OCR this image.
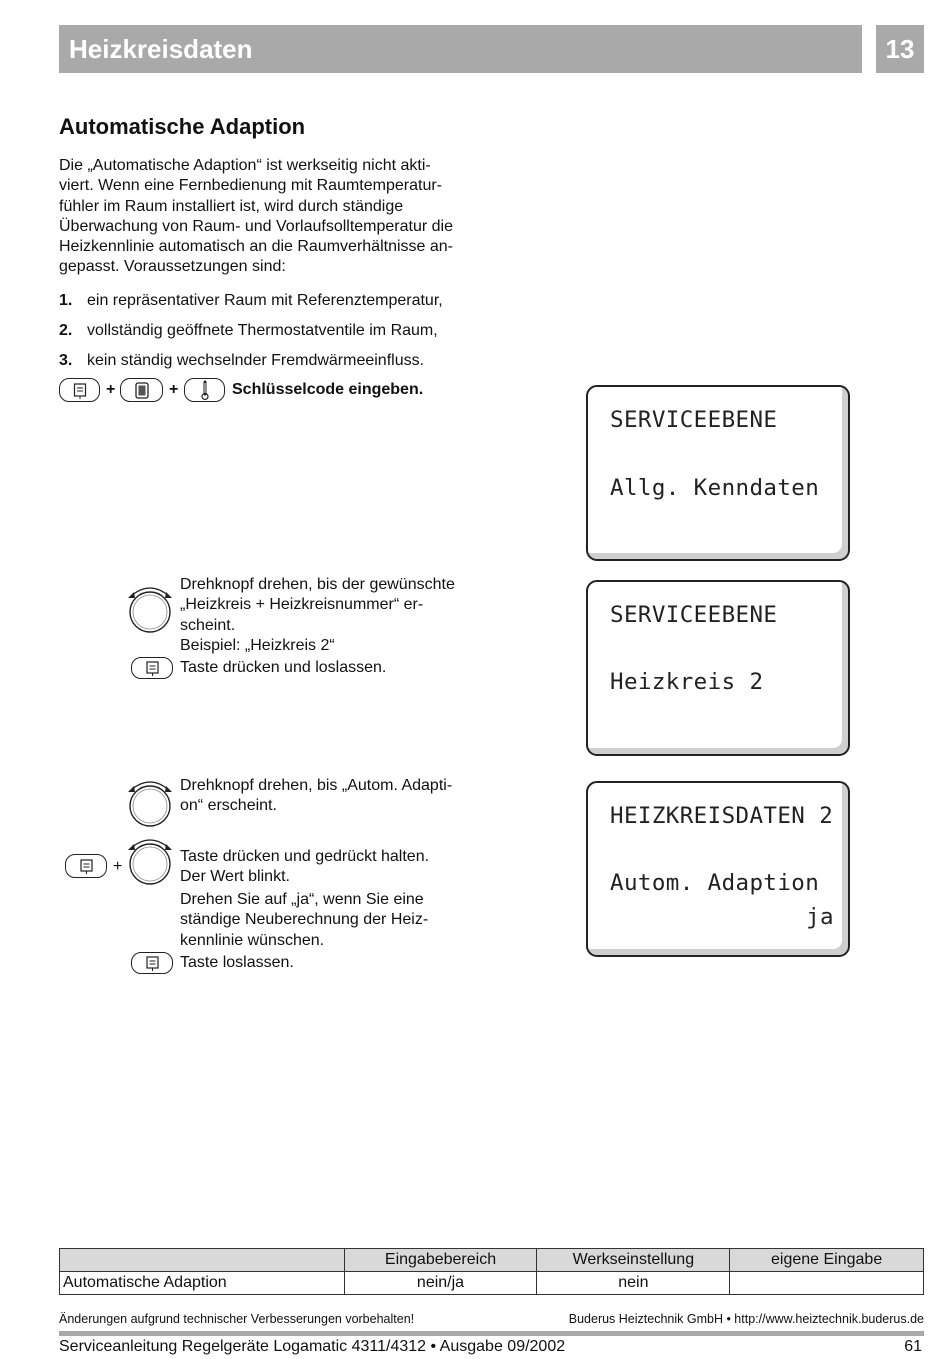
Heizkreisdaten	13
Automatische Adaption
Die „Automatische Adaption“ ist werkseitig nicht akti-
viert. Wenn eine Fernbedienung mit Raumtemperatur-
fühler im Raum installiert ist, wird durch ständige
Überwachung von Raum- und Vorlaufsolltemperatur die
Heizkennlinie automatisch an die Raumverhältnisse an-
gepasst. Voraussetzungen sind:
1. ein repräsentativer Raum mit Referenztemperatur,
2. vollständig geöffnete Thermostatventile im Raum,
3. kein ständig wechselnder Fremdwärmeeinfluss.
+	+	Schlüsselcode eingeben.
Drehknopf drehen, bis der gewünschte
„Heizkreis + Heizkreisnummer“ er-
scheint.
Beispiel: „Heizkreis 2“
Taste drücken und loslassen.
Drehknopf drehen, bis „Autom. Adapti-
on“ erscheint.
+
Taste drücken und gedrückt halten.
Der Wert blinkt.
Drehen Sie auf „ja“, wenn Sie eine
ständige Neuberechnung der Heiz-
kennlinie wünschen.
Taste loslassen.
SERVICEEBENE
Allg. Kenndaten
SERVICEEBENE
Heizkreis 2
HEIZKREISDATEN 2
Autom. Adaption
ja
	Eingabebereich	Werkseinstellung	eigene Eingabe
Automatische Adaption	nein/ja	nein	
Änderungen aufgrund technischer Verbesserungen vorbehalten!	Buderus Heiztechnik GmbH • http://www.heiztechnik.buderus.de
Serviceanleitung Regelgeräte Logamatic 4311/4312 • Ausgabe 09/2002	61
